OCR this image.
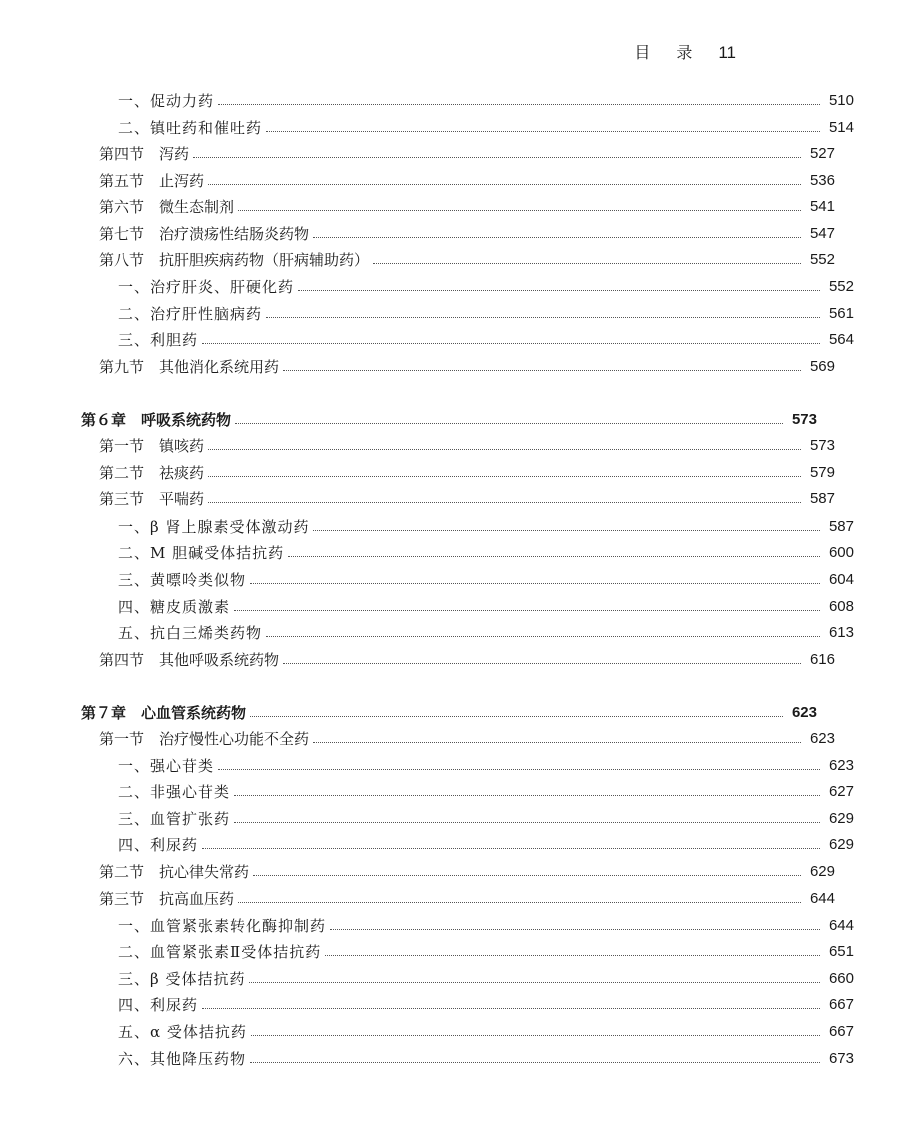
目 录 11
一、促动力药	510
二、镇吐药和催吐药	514
第四节　泻药	527
第五节　止泻药	536
第六节　微生态制剂	541
第七节　治疗溃疡性结肠炎药物	547
第八节　抗肝胆疾病药物（肝病辅助药）	552
一、治疗肝炎、肝硬化药	552
二、治疗肝性脑病药	561
三、利胆药	564
第九节　其他消化系统用药	569
第６章　呼吸系统药物	573
第一节　镇咳药	573
第二节　祛痰药	579
第三节　平喘药	587
一、β 肾上腺素受体激动药	587
二、M 胆碱受体拮抗药	600
三、黄嘌呤类似物	604
四、糖皮质激素	608
五、抗白三烯类药物	613
第四节　其他呼吸系统药物	616
第７章　心血管系统药物	623
第一节　治疗慢性心功能不全药	623
一、强心苷类	623
二、非强心苷类	627
三、血管扩张药	629
四、利尿药	629
第二节　抗心律失常药	629
第三节　抗高血压药	644
一、血管紧张素转化酶抑制药	644
二、血管紧张素Ⅱ受体拮抗药	651
三、β 受体拮抗药	660
四、利尿药	667
五、α 受体拮抗药	667
六、其他降压药物	673
